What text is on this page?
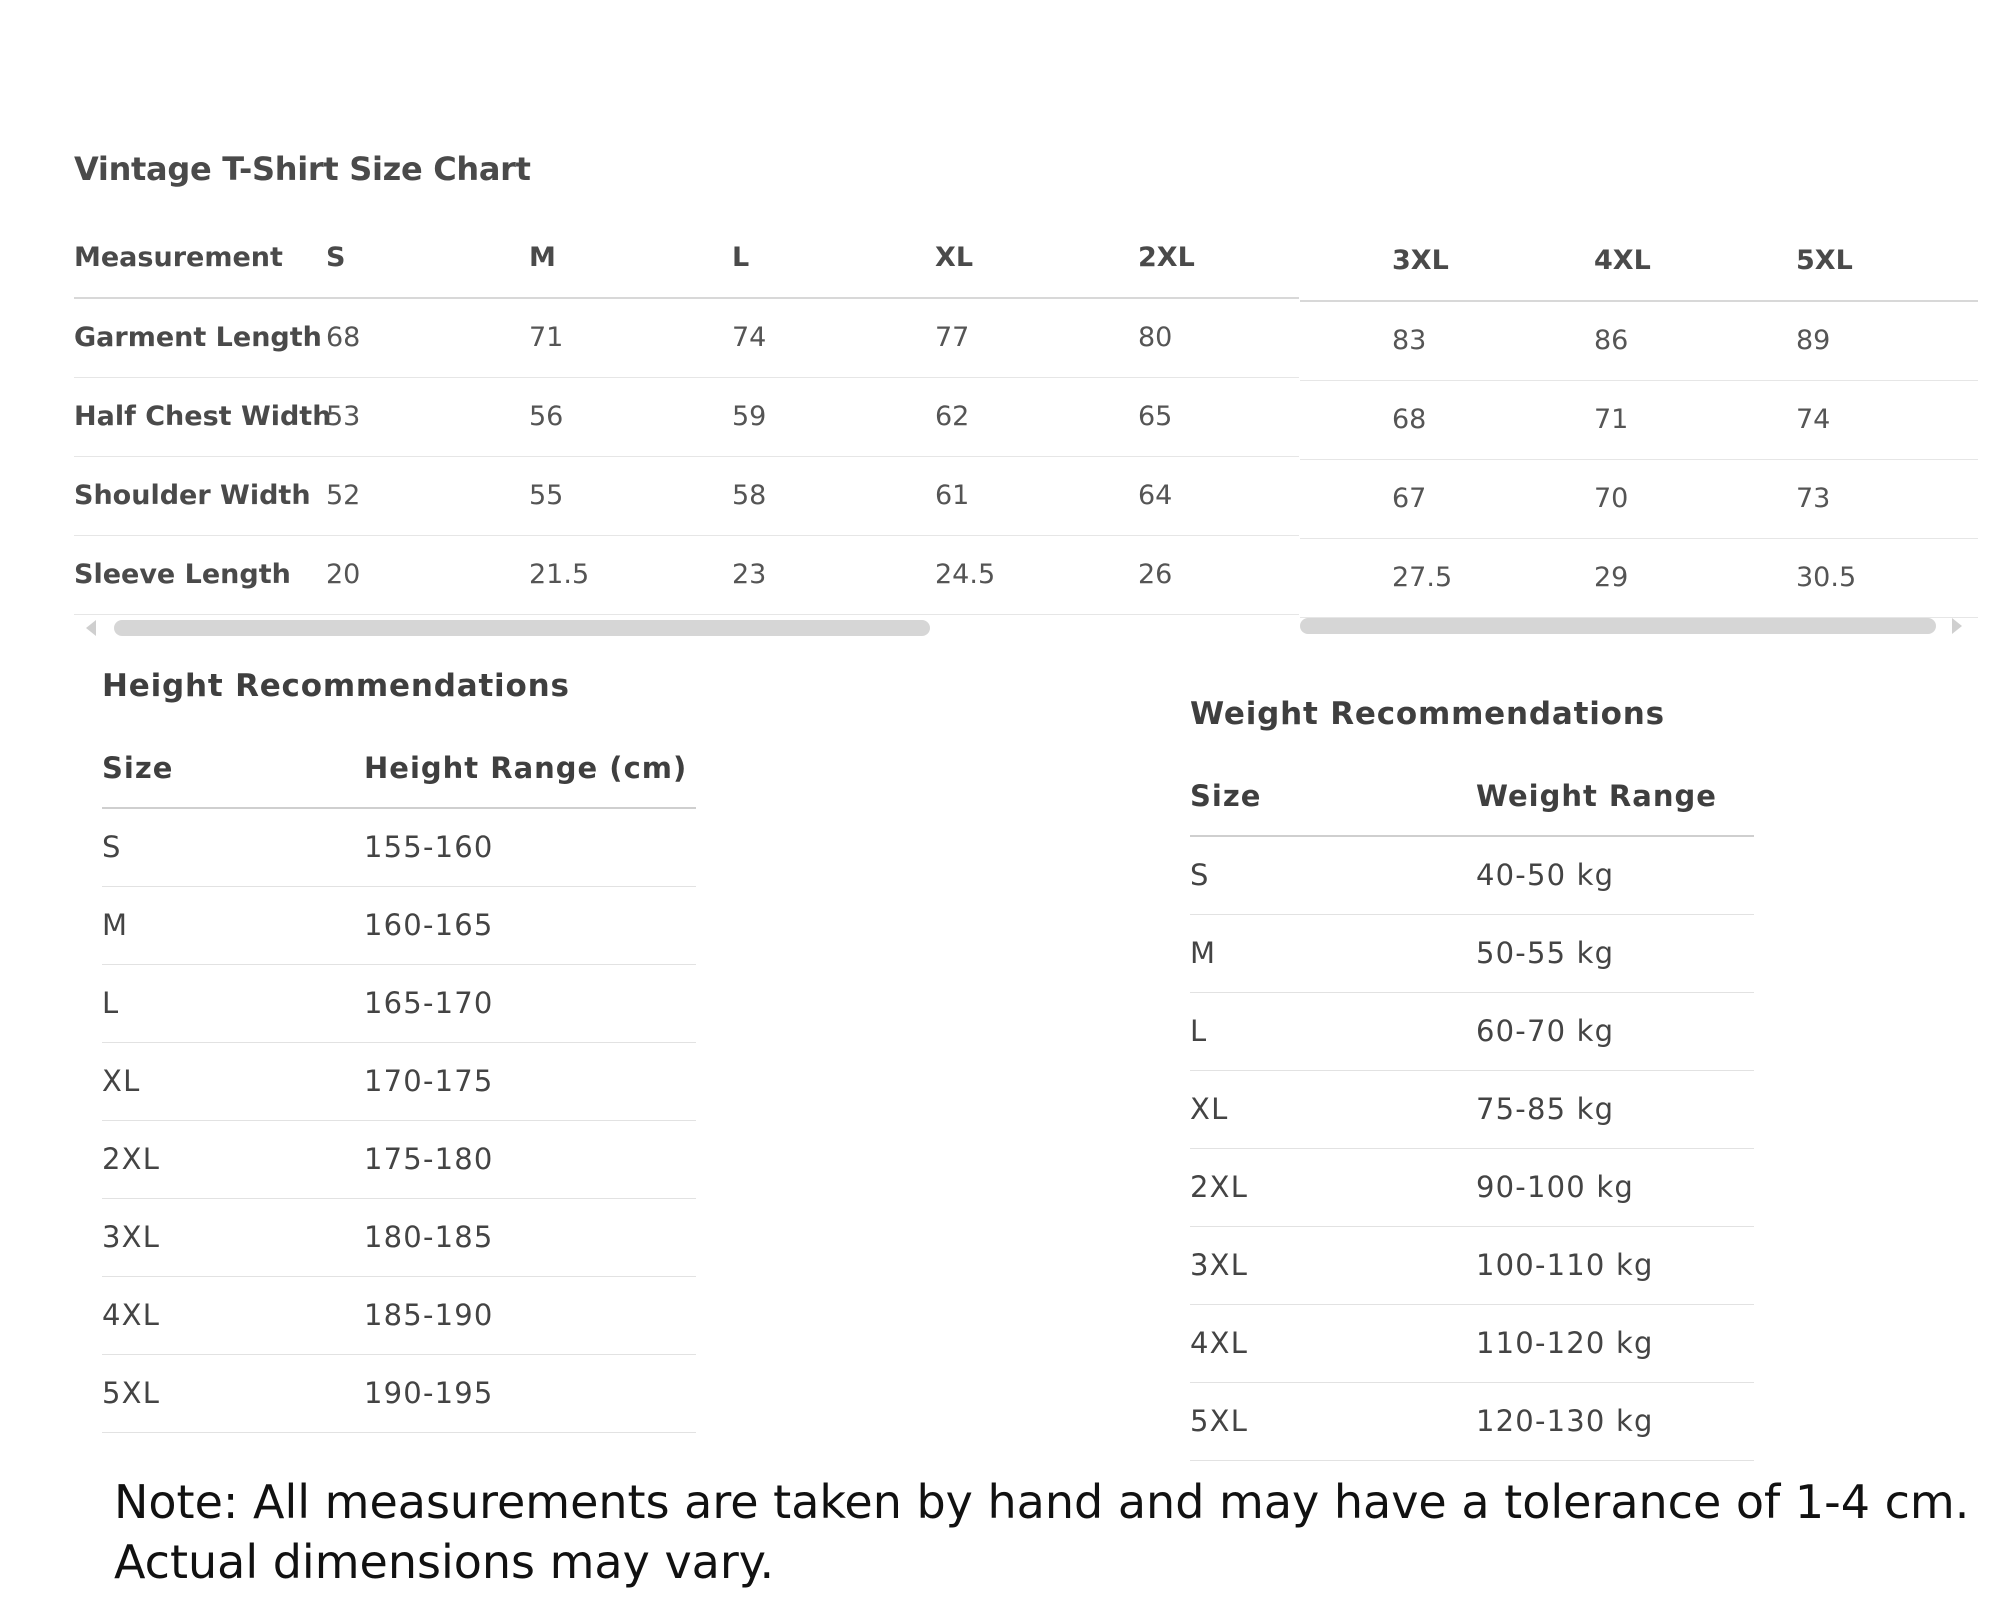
Vintage T-Shirt Size Chart
Measurement	S	M	L	XL	2XL
Garment Length	68	71	74	77	80
Half Chest Width	53	56	59	62	65
Shoulder Width	52	55	58	61	64
Sleeve Length	20	21.5	23	24.5	26
	3XL	4XL	5XL
	83	86	89
	68	71	74
	67	70	73
	27.5	29	30.5
Height Recommendations
Size	Height Range (cm)
S	155-160
M	160-165
L	165-170
XL	170-175
2XL	175-180
3XL	180-185
4XL	185-190
5XL	190-195
Weight Recommendations
Size	Weight Range
S	40-50 kg
M	50-55 kg
L	60-70 kg
XL	75-85 kg
2XL	90-100 kg
3XL	100-110 kg
4XL	110-120 kg
5XL	120-130 kg
Note: All measurements are taken by hand and may have a tolerance of 1-4 cm.
Actual dimensions may vary.
